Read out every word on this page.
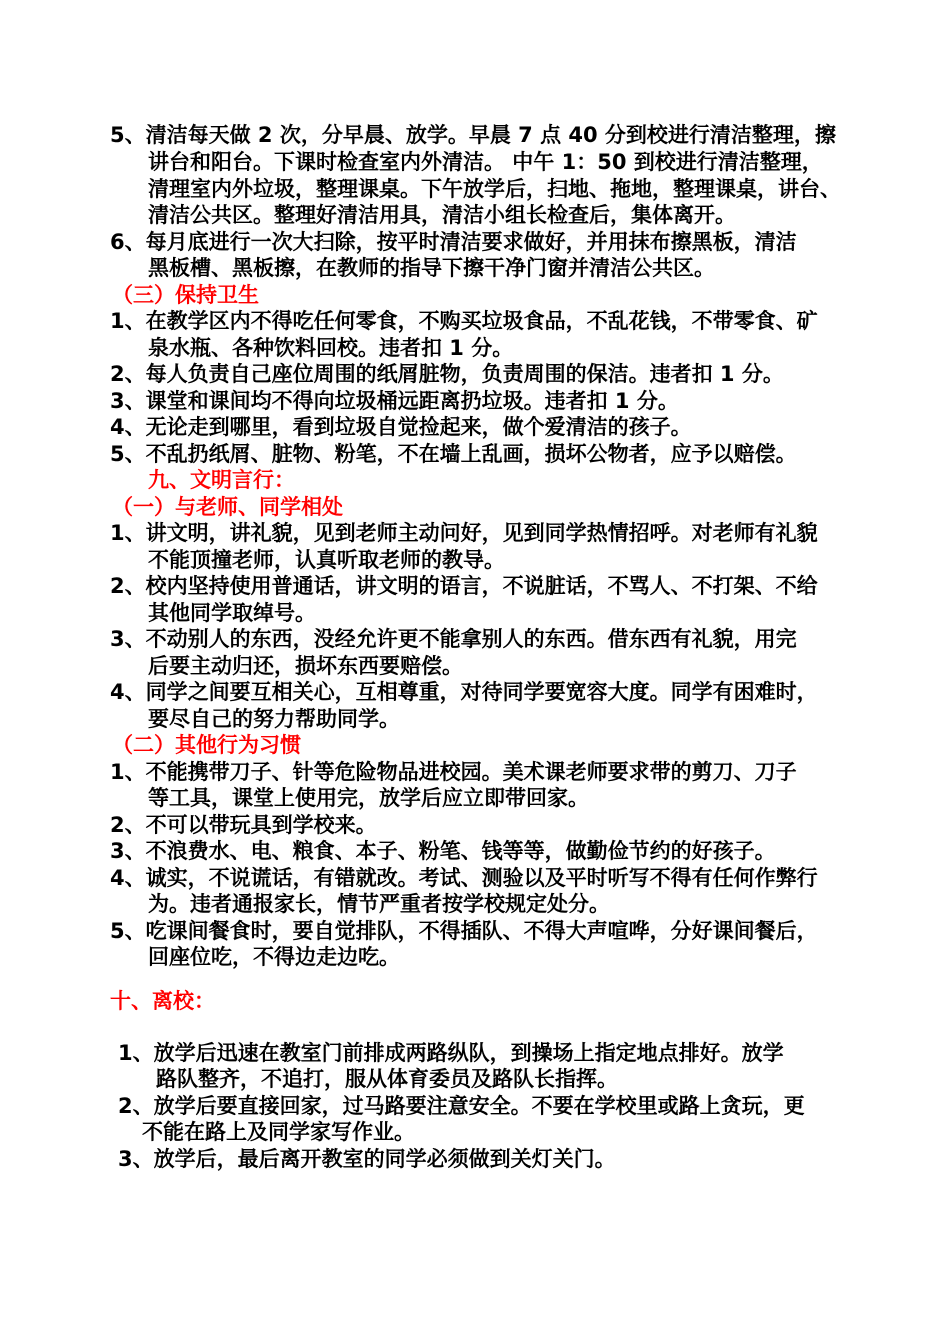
5、清洁每天做 2 次，分早晨、放学。早晨 7 点 40 分到校进行清洁整理，擦
讲台和阳台。下课时检查室内外清洁。 中午 1：50 到校进行清洁整理，
清理室内外垃圾，整理课桌。下午放学后，扫地、拖地，整理课桌，讲台、
清洁公共区。整理好清洁用具，清洁小组长检查后，集体离开。
6、每月底进行一次大扫除，按平时清洁要求做好，并用抹布擦黑板，清洁
黑板槽、黑板擦，在教师的指导下擦干净门窗并清洁公共区。
（三）保持卫生
1、在教学区内不得吃任何零食，不购买垃圾食品，不乱花钱，不带零食、矿
泉水瓶、各种饮料回校。违者扣 1 分。
2、每人负责自己座位周围的纸屑脏物，负责周围的保洁。违者扣 1 分。
3、课堂和课间均不得向垃圾桶远距离扔垃圾。违者扣 1 分。
4、无论走到哪里，看到垃圾自觉捡起来，做个爱清洁的孩子。
5、不乱扔纸屑、脏物、粉笔，不在墙上乱画，损坏公物者，应予以赔偿。
九、文明言行：
（一）与老师、同学相处
1、讲文明，讲礼貌，见到老师主动问好，见到同学热情招呼。对老师有礼貌
不能顶撞老师，认真听取老师的教导。
2、校内坚持使用普通话，讲文明的语言，不说脏话，不骂人、不打架、不给
其他同学取绰号。
3、不动别人的东西，没经允许更不能拿别人的东西。借东西有礼貌，用完
后要主动归还，损坏东西要赔偿。
4、同学之间要互相关心，互相尊重，对待同学要宽容大度。同学有困难时，
要尽自己的努力帮助同学。
（二）其他行为习惯
1、不能携带刀子、针等危险物品进校园。美术课老师要求带的剪刀、刀子
等工具，课堂上使用完，放学后应立即带回家。
2、不可以带玩具到学校来。
3、不浪费水、电、粮食、本子、粉笔、钱等等，做勤俭节约的好孩子。
4、诚实，不说谎话，有错就改。考试、测验以及平时听写不得有任何作弊行
为。违者通报家长，情节严重者按学校规定处分。
5、吃课间餐食时，要自觉排队，不得插队、不得大声喧哗，分好课间餐后，
回座位吃，不得边走边吃。
十、离校：
1、放学后迅速在教室门前排成两路纵队，到操场上指定地点排好。放学
路队整齐，不追打，服从体育委员及路队长指挥。
2、放学后要直接回家，过马路要注意安全。不要在学校里或路上贪玩，更
不能在路上及同学家写作业。
3、放学后，最后离开教室的同学必须做到关灯关门。
